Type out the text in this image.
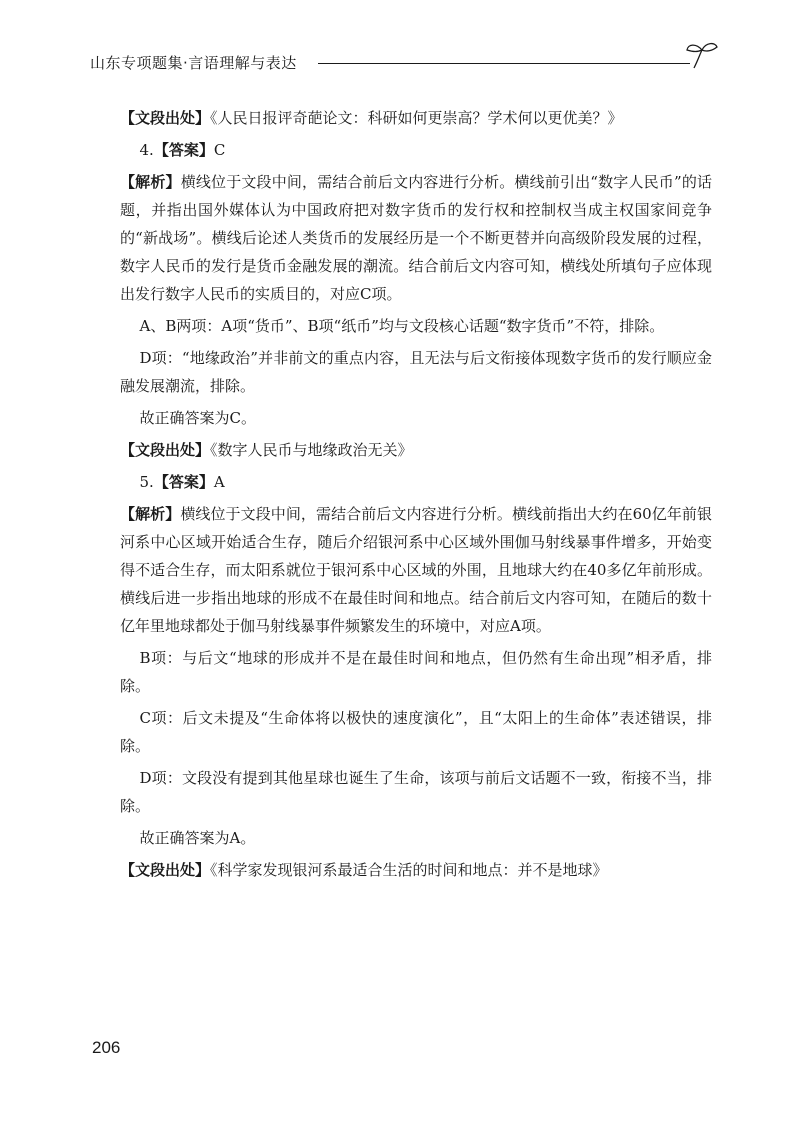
山东专项题集·言语理解与表达

【文段出处】《人民日报评奇葩论文：科研如何更崇高？学术何以更优美？》

4.【答案】C

【解析】横线位于文段中间，需结合前后文内容进行分析。横线前引出“数字人民币”的话题，并指出国外媒体认为中国政府把对数字货币的发行权和控制权当成主权国家间竞争的“新战场”。横线后论述人类货币的发展经历是一个不断更替并向高级阶段发展的过程，数字人民币的发行是货币金融发展的潮流。结合前后文内容可知，横线处所填句子应体现出发行数字人民币的实质目的，对应C项。

A、B两项：A项“货币”、B项“纸币”均与文段核心话题“数字货币”不符，排除。

D项：“地缘政治”并非前文的重点内容，且无法与后文衔接体现数字货币的发行顺应金融发展潮流，排除。

故正确答案为C。

【文段出处】《数字人民币与地缘政治无关》

5.【答案】A

【解析】横线位于文段中间，需结合前后文内容进行分析。横线前指出大约在60亿年前银河系中心区域开始适合生存，随后介绍银河系中心区域外围伽马射线暴事件增多，开始变得不适合生存，而太阳系就位于银河系中心区域的外围，且地球大约在40多亿年前形成。横线后进一步指出地球的形成不在最佳时间和地点。结合前后文内容可知，在随后的数十亿年里地球都处于伽马射线暴事件频繁发生的环境中，对应A项。

B项：与后文“地球的形成并不是在最佳时间和地点，但仍然有生命出现”相矛盾，排除。

C项：后文未提及“生命体将以极快的速度演化”，且“太阳上的生命体”表述错误，排除。

D项：文段没有提到其他星球也诞生了生命，该项与前后文话题不一致，衔接不当，排除。

故正确答案为A。

【文段出处】《科学家发现银河系最适合生活的时间和地点：并不是地球》

206
